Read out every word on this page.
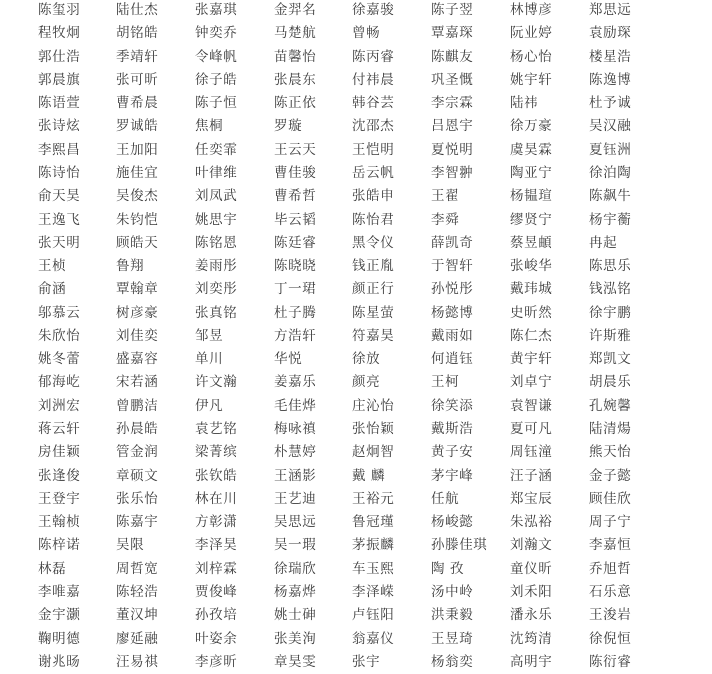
陈玺羽	陆仕杰	张嘉琪	金羿名	徐嘉骏	陈子翌	林博彦	郑思远
程牧炯	胡铭皓	钟奕乔	马楚航	曾畅	覃嘉琛	阮业婷	袁励琛
郭仕浩	季靖轩	令峰帆	苗馨怡	陈丙睿	陈麒友	杨心怡	楼星浩
郭晨旗	张可昕	徐子皓	张晨东	付祎晨	巩圣慨	姚宇轩	陈逸博
陈语萱	曹希晨	陈子恒	陈正依	韩谷芸	李宗霖	陆祎	杜予诚
张诗炫	罗诚皓	焦桐	罗璇	沈邵杰	吕恩宇	徐万豪	吴汉融
李熙昌	王加阳	任奕霏	王云天	王恺明	夏悦明	虞昊霖	夏钰洲
陈诗怡	施佳宜	叶律维	曹佳骏	岳云帆	李智翀	陶亚宁	徐泊陶
俞天昊	吴俊杰	刘凤武	曹希哲	张皓申	王翟	杨韫瑄	陈飙牛
王逸飞	朱钧恺	姚思宇	毕云韬	陈怡君	李舜	缪贤宁	杨宇蘅
张天明	顾皓天	陈铭恩	陈廷睿	黑令仪	薛凯奇	蔡昱頔	冉起
王桢	鲁翔	姜雨彤	陈晓晓	钱正胤	于智轩	张峻华	陈思乐
俞涵	覃翰章	刘奕彤	丁一珺	颜正行	孙悦彤	戴玮城	钱泓铭
邬慕云	树彦豪	张真铭	杜子腾	陈星萤	杨懿博	史昕然	徐宇鹏
朱欣怡	刘佳奕	邹昱	方浩轩	符嘉昊	戴雨如	陈仁杰	许斯雅
姚冬蕾	盛嘉容	单川	华悦	徐放	何逍钰	黄宇轩	郑凯文
郁海屹	宋若涵	许文瀚	姜嘉乐	颜亮	王柯	刘卓宁	胡晨乐
刘洲宏	曾鹏洁	伊凡	毛佳烨	庄沁怡	徐笑添	袁智谦	孔婉馨
蒋云轩	孙晨皓	袁艺铭	梅咏禛	张怡颖	戴斯浩	夏可凡	陆清煬
房佳颖	管金润	梁菁缤	朴慧婷	赵炯智	黄子安	周钰潼	熊天怡
张逢俊	章硕文	张钦皓	王涵影	戴 麟	茅宇峰	汪子涵	金子懿
王登宇	张乐怡	林在川	王艺迪	王裕元	任航	郑宝辰	顾佳欣
王翰桢	陈嘉宇	方彰潇	吴思远	鲁冠瑾	杨峻懿	朱泓裕	周子宁
陈梓诺	吴限	李泽昊	吴一瑕	茅振麟	孙滕佳琪 刘瀚文	李嘉恒
林磊	周哲宽	刘梓霖	徐瑞欣	车玉熙	陶 孜	童仪昕	乔旭哲
李唯嘉	陈轻浩	贾俊峰	杨嘉烨	李泽嵘	汤中岭	刘禾阳	石乐意
金宇灏	董汉坤	孙孜培	姚士砷	卢钰阳	洪秉毅	潘永乐	王浚岩
鞠明德	廖延融	叶姿余	张美洵	翁嘉仪	王昱琦	沈筠清	徐倪恒
谢兆旸	汪易祺	李彦昕	章昊雯	张宇	杨翁奕	高明宇	陈衍睿
